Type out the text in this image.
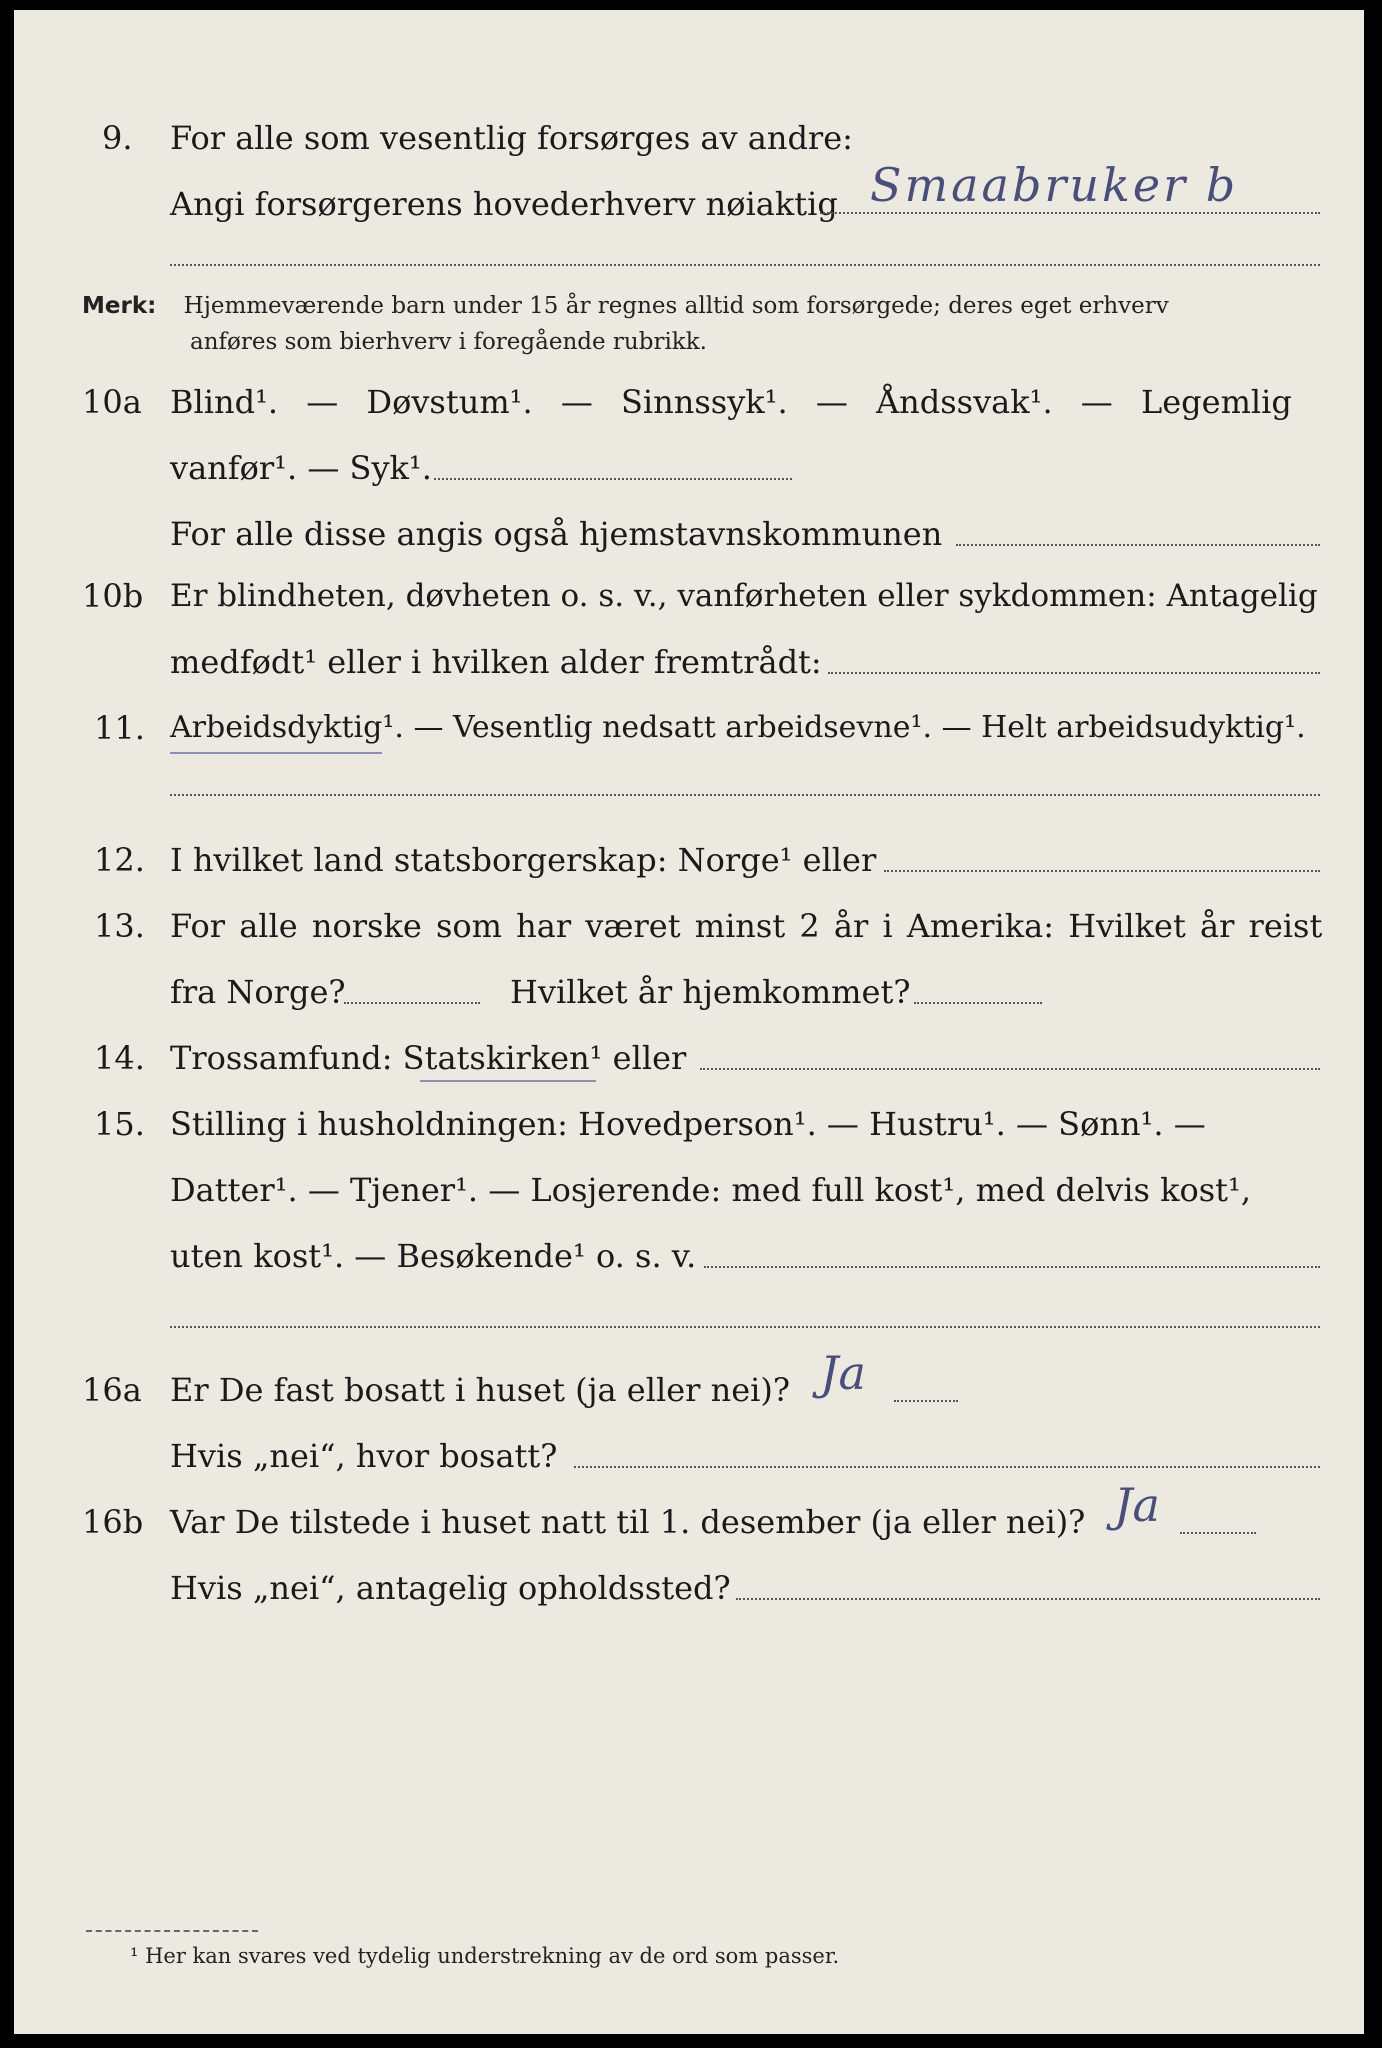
9. For alle som vesentlig forsørges av andre:
Angi forsørgerens hovederhverv nøiaktig Smaabruker b
Merk: Hjemmeværende barn under 15 år regnes alltid som forsørgede; deres eget erhverv
anføres som bierhverv i foregående rubrikk.
10a Blind¹. — Døvstum¹. — Sinnssyk¹. — Åndssvak¹. — Legemlig
vanfør¹. — Syk¹.
For alle disse angis også hjemstavnskommunen
10b Er blindheten, døvheten o. s. v., vanførheten eller sykdommen: Antagelig
medfødt¹ eller i hvilken alder fremtrådt:
11. Arbeidsdyktig¹. — Vesentlig nedsatt arbeidsevne¹. — Helt arbeidsudyktig¹.
12. I hvilket land statsborgerskap: Norge¹ eller
13. For alle norske som har været minst 2 år i Amerika: Hvilket år reist
fra Norge?	Hvilket år hjemkommet?
14. Trossamfund: Statskirken¹ eller
15. Stilling i husholdningen: Hovedperson¹. — Hustru¹. — Sønn¹. —
Datter¹. — Tjener¹. — Losjerende: med full kost¹, med delvis kost¹,
uten kost¹. — Besøkende¹ o. s. v.
16a Er De fast bosatt i huset (ja eller nei)? Ja
Hvis „nei“, hvor bosatt?
16b Var De tilstede i huset natt til 1. desember (ja eller nei)? Ja
Hvis „nei“, antagelig opholdssted?
¹ Her kan svares ved tydelig understrekning av de ord som passer.
